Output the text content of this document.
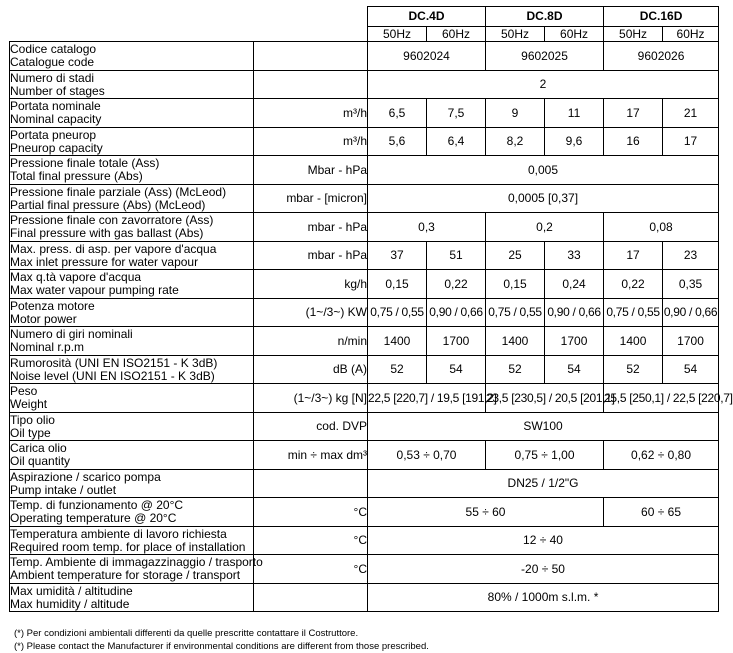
		DC.4D		DC.8D		DC.16D	
		50Hz	60Hz	50Hz	60Hz	50Hz	60Hz

Codice catalogo
Catalogue code		9602024		9602025		9602026	

Numero di stadi
Number of stages		2					

Portata nominale
Nominal capacity	m³/h	6,5	7,5	9	11	17	21

Portata pneurop
Pneurop capacity	m³/h	5,6	6,4	8,2	9,6	16	17

Pressione finale totale (Ass)
Total final pressure (Abs)	Mbar - hPa	0,005					

Pressione finale parziale (Ass) (McLeod)
Partial final pressure (Abs) (McLeod)	mbar - [micron]	0,0005 [0,37]					

Pressione finale con zavorratore (Ass)
Final pressure with gas ballast (Abs)	mbar - hPa	0,3		0,2		0,08	

Max. press. di asp. per vapore d'acqua
Max inlet pressure for water vapour	mbar - hPa	37	51	25	33	17	23

Max q.tà vapore d'acqua
Max water vapour pumping rate	kg/h	0,15	0,22	0,15	0,24	0,22	0,35

Potenza motore
Motor power	(1~/3~) KW	0,75 / 0,55	0,90 / 0,66	0,75 / 0,55	0,90 / 0,66	0,75 / 0,55	0,90 / 0,66

Numero di giri nominali
Nominal r.p.m	n/min	1400	1700	1400	1700	1400	1700

Rumorosità (UNI EN ISO2151 - K 3dB)
Noise level (UNI EN ISO2151 - K 3dB)	dB (A)	52	54	52	54	52	54

Peso
Weight	(1~/3~) kg [N]	22,5 [220,7] / 19,5 [191,2]		23,5 [230,5] / 20,5 [201,1]		25,5 [250,1] / 22,5 [220,7]	

Tipo olio
Oil type	cod. DVP	SW100					

Carica olio
Oil quantity	min ÷ max dm³	0,53 ÷ 0,70		0,75 ÷ 1,00		0,62 ÷ 0,80	

Aspirazione / scarico pompa
Pump intake / outlet		DN25 / 1/2"G					

Temp. di funzionamento @ 20°C
Operating temperature @ 20°C	°C	55 ÷ 60				60 ÷ 65	

Temperatura ambiente di lavoro richiesta
Required room temp. for place of installation	°C	12 ÷ 40					

Temp. Ambiente di immagazzinaggio / trasporto
Ambient temperature for storage / transport	°C	-20 ÷ 50					

Max umidità / altitudine
Max humidity / altitude		80% / 1000m s.l.m. *					
(*) Per condizioni ambientali differenti da quelle prescritte contattare il Costruttore.
(*) Please contact the Manufacturer if environmental conditions are different from those prescribed.
